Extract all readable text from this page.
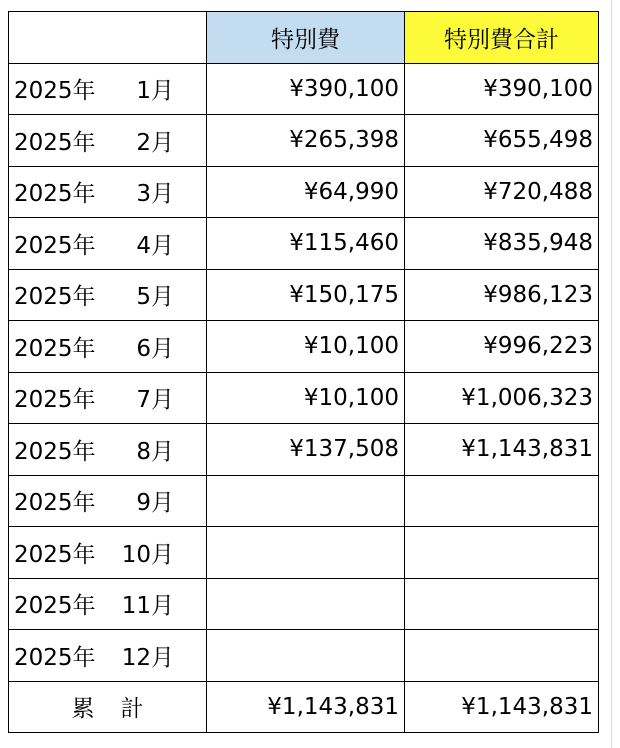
	特別費	特別費合計
2025年 1月	¥390,100	¥390,100
2025年 2月	¥265,398	¥655,498
2025年 3月	¥64,990	¥720,488
2025年 4月	¥115,460	¥835,948
2025年 5月	¥150,175	¥986,123
2025年 6月	¥10,100	¥996,223
2025年 7月	¥10,100	¥1,006,323
2025年 8月	¥137,508	¥1,143,831
2025年 9月		
2025年 10月		
2025年 11月		
2025年 12月		
累 計	¥1,143,831	¥1,143,831
